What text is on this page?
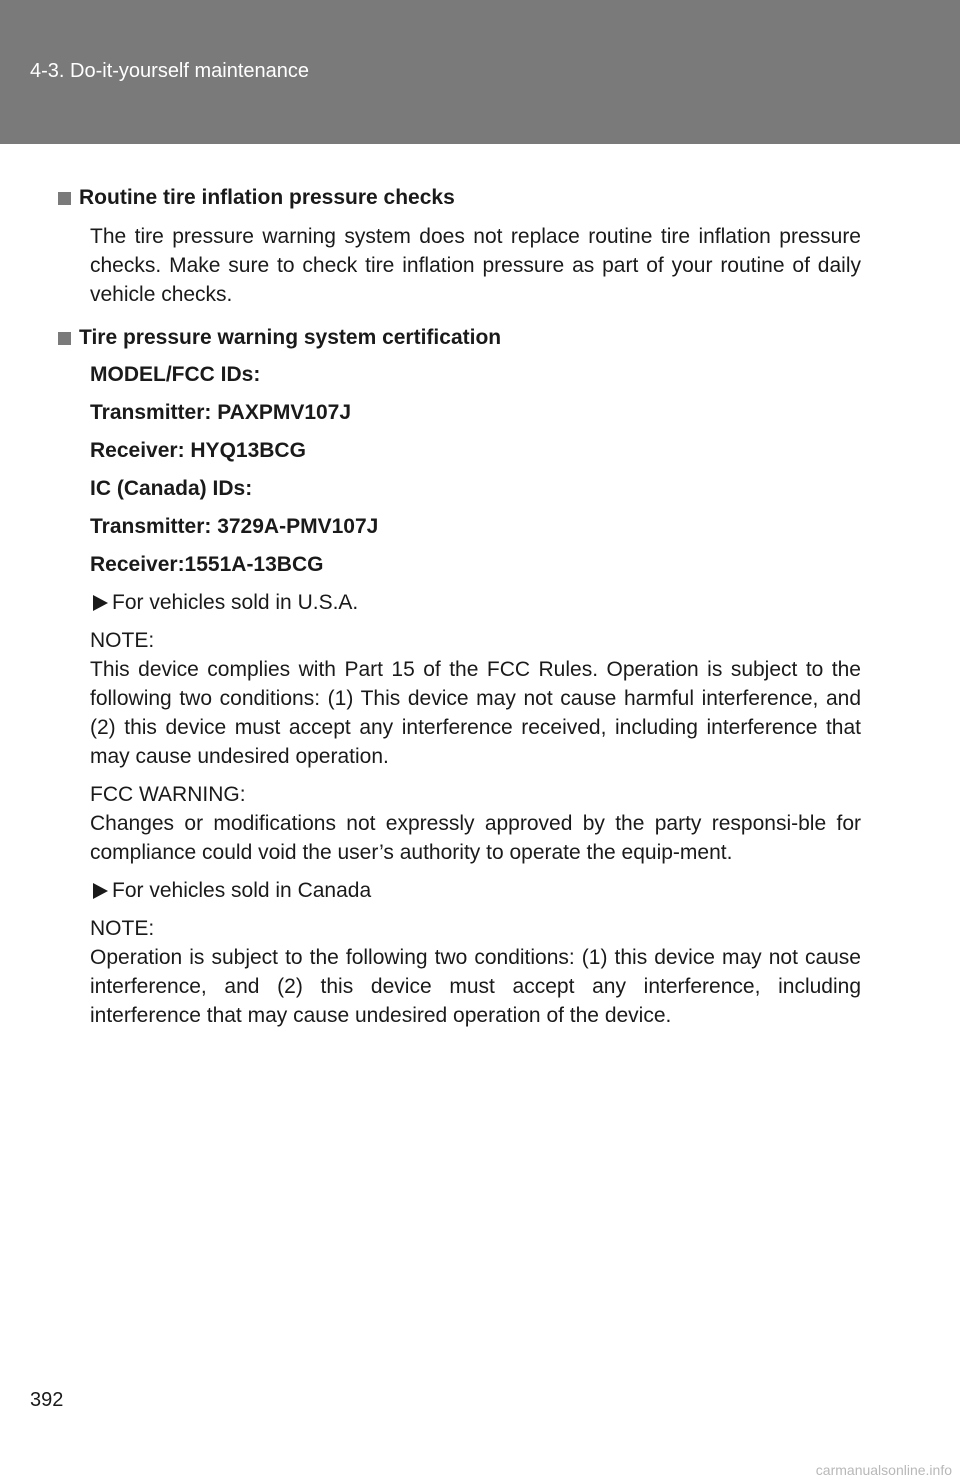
4-3. Do-it-yourself maintenance
Routine tire inflation pressure checks
The tire pressure warning system does not replace routine tire inflation pressure checks. Make sure to check tire inflation pressure as part of your routine of daily vehicle checks.
Tire pressure warning system certification
MODEL/FCC IDs:
Transmitter: PAXPMV107J
Receiver: HYQ13BCG
IC (Canada) IDs:
Transmitter: 3729A-PMV107J
Receiver:1551A-13BCG
For vehicles sold in U.S.A.
NOTE:
This device complies with Part 15 of the FCC Rules. Operation is subject to the following two conditions: (1) This device may not cause harmful interference, and (2) this device must accept any interference received, including interference that may cause undesired operation.
FCC WARNING:
Changes or modifications not expressly approved by the party responsi-ble for compliance could void the user’s authority to operate the equip-ment.
For vehicles sold in Canada
NOTE:
Operation is subject to the following two conditions: (1) this device may not cause interference, and (2) this device must accept any interference, including interference that may cause undesired operation of the device.
392
carmanualsonline.info
